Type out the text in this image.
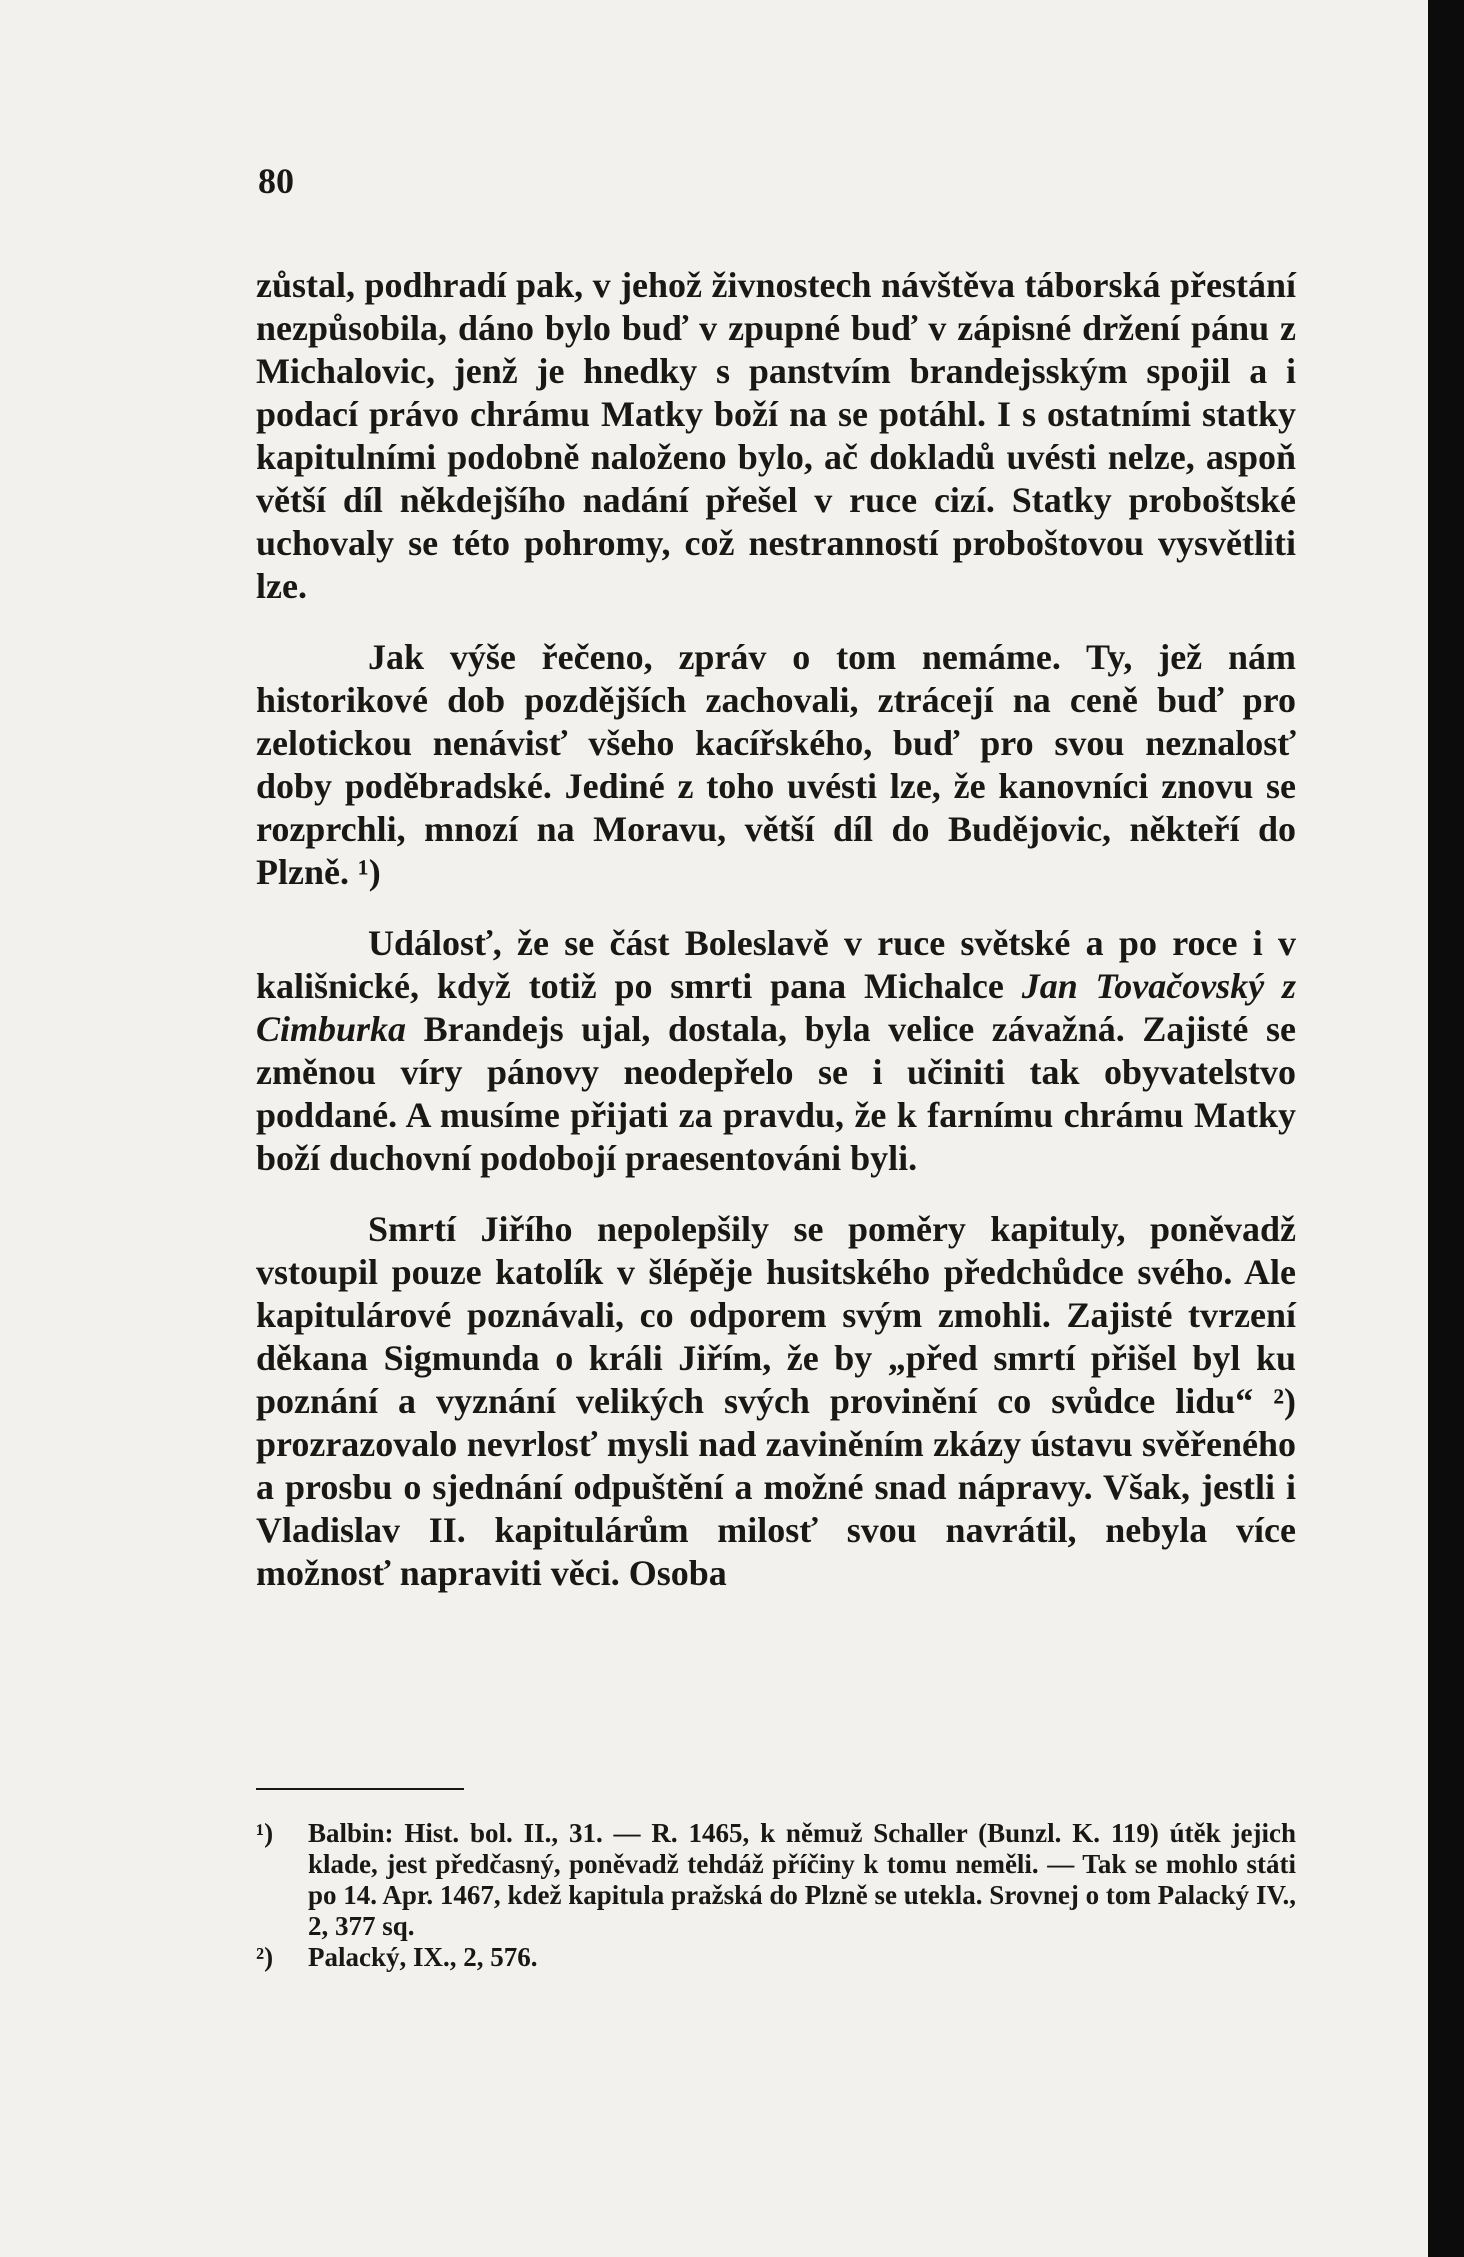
80

zůstal, podhradí pak, v jehož živnostech návštěva táborská přestání nezpůsobila, dáno bylo buď v zpupné buď v zápisné držení pánu z Michalovic, jenž je hnedky s panstvím brandejsským spojil a i podací právo chrámu Matky boží na se potáhl. I s ostatními statky kapitulními podobně naloženo bylo, ač dokladů uvésti nelze, aspoň větší díl někdejšího nadání přešel v ruce cizí. Statky proboštské uchovaly se této pohromy, což nestranností proboštovou vysvětliti lze.

Jak výše řečeno, zpráv o tom nemáme. Ty, jež nám historikové dob pozdějších zachovali, ztrácejí na ceně buď pro zelotickou nenávisť všeho kacířského, buď pro svou neznalosť doby poděbradské. Jediné z toho uvésti lze, že kanovníci znovu se rozprchli, mnozí na Moravu, větší díl do Budějovic, někteří do Plzně. ¹)

Událosť, že se část Boleslavě v ruce světské a po roce i v kališnické, když totiž po smrti pana Michalce Jan Tovačovský z Cimburka Brandejs ujal, dostala, byla velice závažná. Zajisté se změnou víry pánovy neodepřelo se i učiniti tak obyvatelstvo poddané. A musíme přijati za pravdu, že k farnímu chrámu Matky boží duchovní podobojí praesentováni byli.

Smrtí Jiřího nepolepšily se poměry kapituly, poněvadž vstoupil pouze katolík v šlépěje husitského předchůdce svého. Ale kapitulárové poznávali, co odporem svým zmohli. Zajisté tvrzení děkana Sigmunda o králi Jiřím, že by „před smrtí přišel byl ku poznání a vyznání velikých svých provinění co svůdce lidu“ ²) prozrazovalo nevrlosť mysli nad zaviněním zkázy ústavu svěřeného a prosbu o sjednání odpuštění a možné snad nápravy. Však, jestli i Vladislav II. kapitulárům milosť svou navrátil, nebyla více možnosť napraviti věci. Osoba

¹) Balbin: Hist. bol. II., 31. — R. 1465, k němuž Schaller (Bunzl. K. 119) útěk jejich klade, jest předčasný, poněvadž tehdáž příčiny k tomu neměli. — Tak se mohlo státi po 14. Apr. 1467, kdež kapitula pražská do Plzně se utekla. Srovnej o tom Palacký IV., 2, 377 sq.

²) Palacký, IX., 2, 576.
